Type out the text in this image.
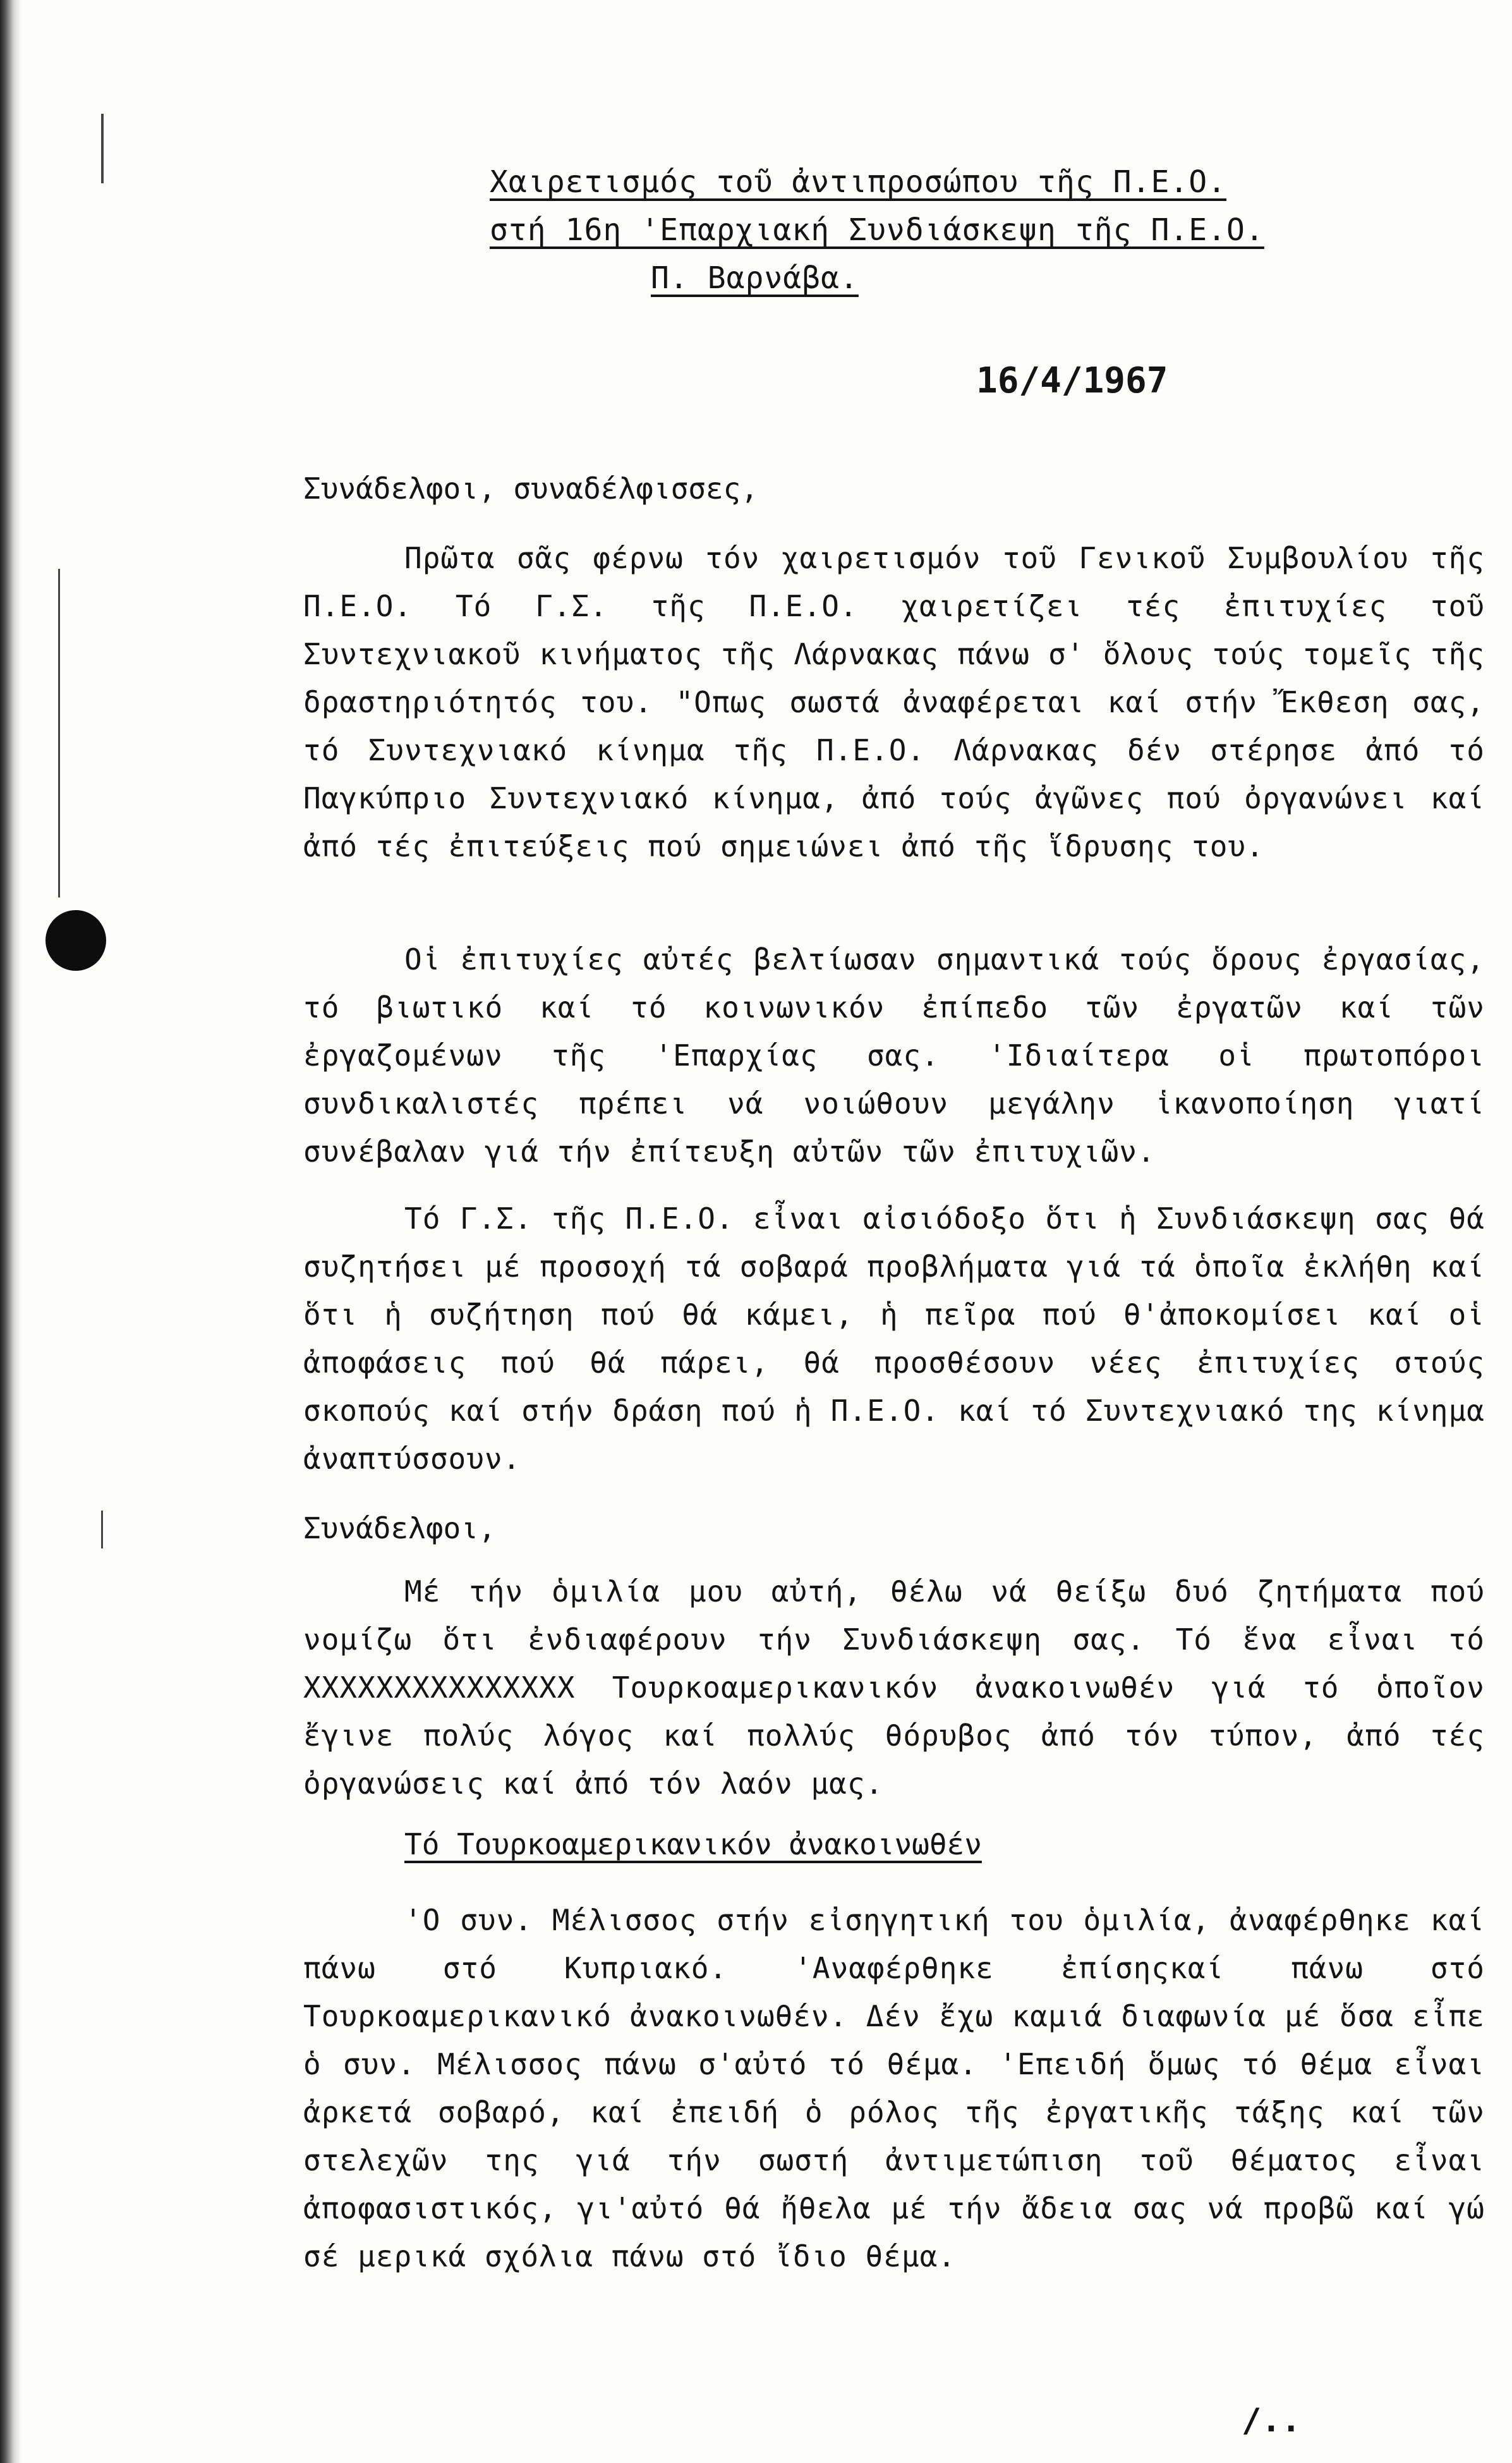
Χαιρετισμός τοῦ ἀντιπροσώπου τῆς Π.Ε.Ο.
στή 16η 'Επαρχιακή Συνδιάσκεψη τῆς Π.Ε.Ο.
Π. Βαρνάβα.
16/4/1967
Συνάδελφοι, συναδέλφισσες,
Πρῶτα σᾶς φέρνω τόν χαιρετισμόν τοῦ Γενικοῦ Συμβουλίου τῆς Π.Ε.Ο. Τό Γ.Σ. τῆς Π.Ε.Ο. χαιρετίζει τές ἐπιτυχίες τοῦ Συντεχνιακοῦ κινήματος τῆς Λάρνακας πάνω σ' ὅλους τούς τομεῖς τῆς δραστηριότητός του. "Οπως σωστά ἀναφέρεται καί στήν Ἔκθεση σας, τό Συντεχνιακό κίνημα τῆς Π.Ε.Ο. Λάρνακας δέν στέρησε ἀπό τό Παγκύπριο Συντεχνιακό κίνημα, ἀπό τούς ἀγῶνες πού ὀργανώνει καί ἀπό τές ἐπιτεύξεις πού σημειώνει ἀπό τῆς ἵδρυσης του.
Οἱ ἐπιτυχίες αὐτές βελτίωσαν σημαντικά τούς ὅρους ἐργασίας, τό βιωτικό καί τό κοινωνικόν ἐπίπεδο τῶν ἐργατῶν καί τῶν ἐργαζομένων τῆς 'Επαρχίας σας. 'Ιδιαίτερα οἱ πρωτοπόροι συνδικαλιστές πρέπει νά νοιώθουν μεγάλην ἱκανοποίηση γιατί συνέβαλαν γιά τήν ἐπίτευξη αὐτῶν τῶν ἐπιτυχιῶν.
Τό Γ.Σ. τῆς Π.Ε.Ο. εἶναι αἰσιόδοξο ὅτι ἡ Συνδιάσκεψη σας θά συζητήσει μέ προσοχή τά σοβαρά προβλήματα γιά τά ὁποῖα ἐκλήθη καί ὅτι ἡ συζήτηση πού θά κάμει, ἡ πεῖρα πού θ'ἀποκομίσει καί οἱ ἀποφάσεις πού θά πάρει, θά προσθέσουν νέες ἐπιτυχίες στούς σκοπούς καί στήν δράση πού ἡ Π.Ε.Ο. καί τό Συντεχνιακό της κίνημα ἀναπτύσσουν.
Συνάδελφοι,
Μέ τήν ὁμιλία μου αὐτή, θέλω νά θείξω δυό ζητήματα πού νομίζω ὅτι ἐνδιαφέρουν τήν Συνδιάσκεψη σας. Τό ἕνα εἶναι τό XXXXXXXXXXXXXXX Τουρκοαμερικανικόν ἀνακοινωθέν γιά τό ὁποῖον ἔγινε πολύς λόγος καί πολλύς θόρυβος ἀπό τόν τύπον, ἀπό τές ὀργανώσεις καί ἀπό τόν λαόν μας.
Τό Τουρκοαμερικανικόν ἀνακοινωθέν
'Ο συν. Μέλισσος στήν εἰσηγητική του ὁμιλία, ἀναφέρθηκε καί πάνω στό Κυπριακό. 'Αναφέρθηκε ἐπίσηςκαί πάνω στό Τουρκοαμερικανικό ἀνακοινωθέν. Δέν ἔχω καμιά διαφωνία μέ ὅσα εἶπε ὁ συν. Μέλισσος πάνω σ'αὐτό τό θέμα. 'Επειδή ὅμως τό θέμα εἶναι ἀρκετά σοβαρό, καί ἐπειδή ὁ ρόλος τῆς ἐργατικῆς τάξης καί τῶν στελεχῶν της γιά τήν σωστή ἀντιμετώπιση τοῦ θέματος εἶναι ἀποφασιστικός, γι'αὐτό θά ἤθελα μέ τήν ἄδεια σας νά προβῶ καί γώ σέ μερικά σχόλια πάνω στό ἴδιο θέμα.
/..
